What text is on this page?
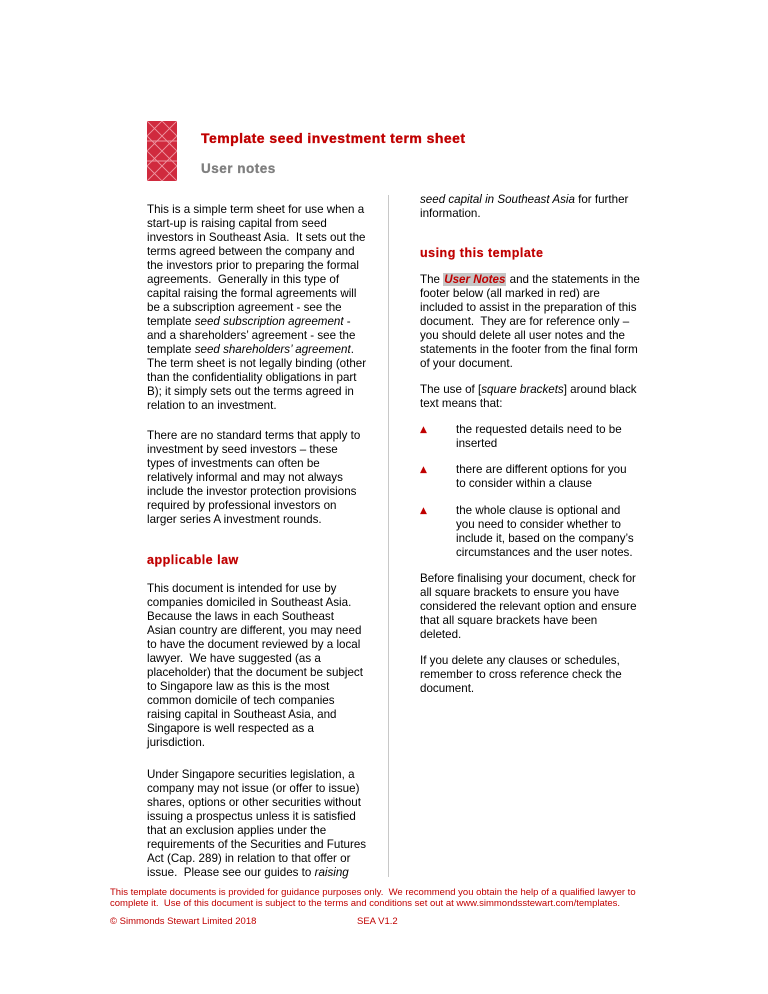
Template seed investment term sheet
User notes
This is a simple term sheet for use when a
start-up is raising capital from seed
investors in Southeast Asia.  It sets out the
terms agreed between the company and
the investors prior to preparing the formal
agreements.  Generally in this type of
capital raising the formal agreements will
be a subscription agreement - see the
template seed subscription agreement -
and a shareholders’ agreement - see the
template seed shareholders’ agreement.
The term sheet is not legally binding (other
than the confidentiality obligations in part
B); it simply sets out the terms agreed in
relation to an investment.
There are no standard terms that apply to
investment by seed investors – these
types of investments can often be
relatively informal and may not always
include the investor protection provisions
required by professional investors on
larger series A investment rounds.
applicable law
This document is intended for use by
companies domiciled in Southeast Asia.
Because the laws in each Southeast
Asian country are different, you may need
to have the document reviewed by a local
lawyer.  We have suggested (as a
placeholder) that the document be subject
to Singapore law as this is the most
common domicile of tech companies
raising capital in Southeast Asia, and
Singapore is well respected as a
jurisdiction.
Under Singapore securities legislation, a
company may not issue (or offer to issue)
shares, options or other securities without
issuing a prospectus unless it is satisfied
that an exclusion applies under the
requirements of the Securities and Futures
Act (Cap. 289) in relation to that offer or
issue.  Please see our guides to raising
seed capital in Southeast Asia for further
information.
using this template
The User Notes and the statements in the
footer below (all marked in red) are
included to assist in the preparation of this
document.  They are for reference only –
you should delete all user notes and the
statements in the footer from the final form
of your document.
The use of [square brackets] around black
text means that:
▲	the requested details need to be
inserted
▲	there are different options for you
to consider within a clause
▲	the whole clause is optional and
you need to consider whether to
include it, based on the company’s
circumstances and the user notes.
Before finalising your document, check for
all square brackets to ensure you have
considered the relevant option and ensure
that all square brackets have been
deleted.
If you delete any clauses or schedules,
remember to cross reference check the
document.
This template documents is provided for guidance purposes only.  We recommend you obtain the help of a qualified lawyer to
complete it.  Use of this document is subject to the terms and conditions set out at www.simmondsstewart.com/templates.
© Simmonds Stewart Limited 2018	SEA V1.2
